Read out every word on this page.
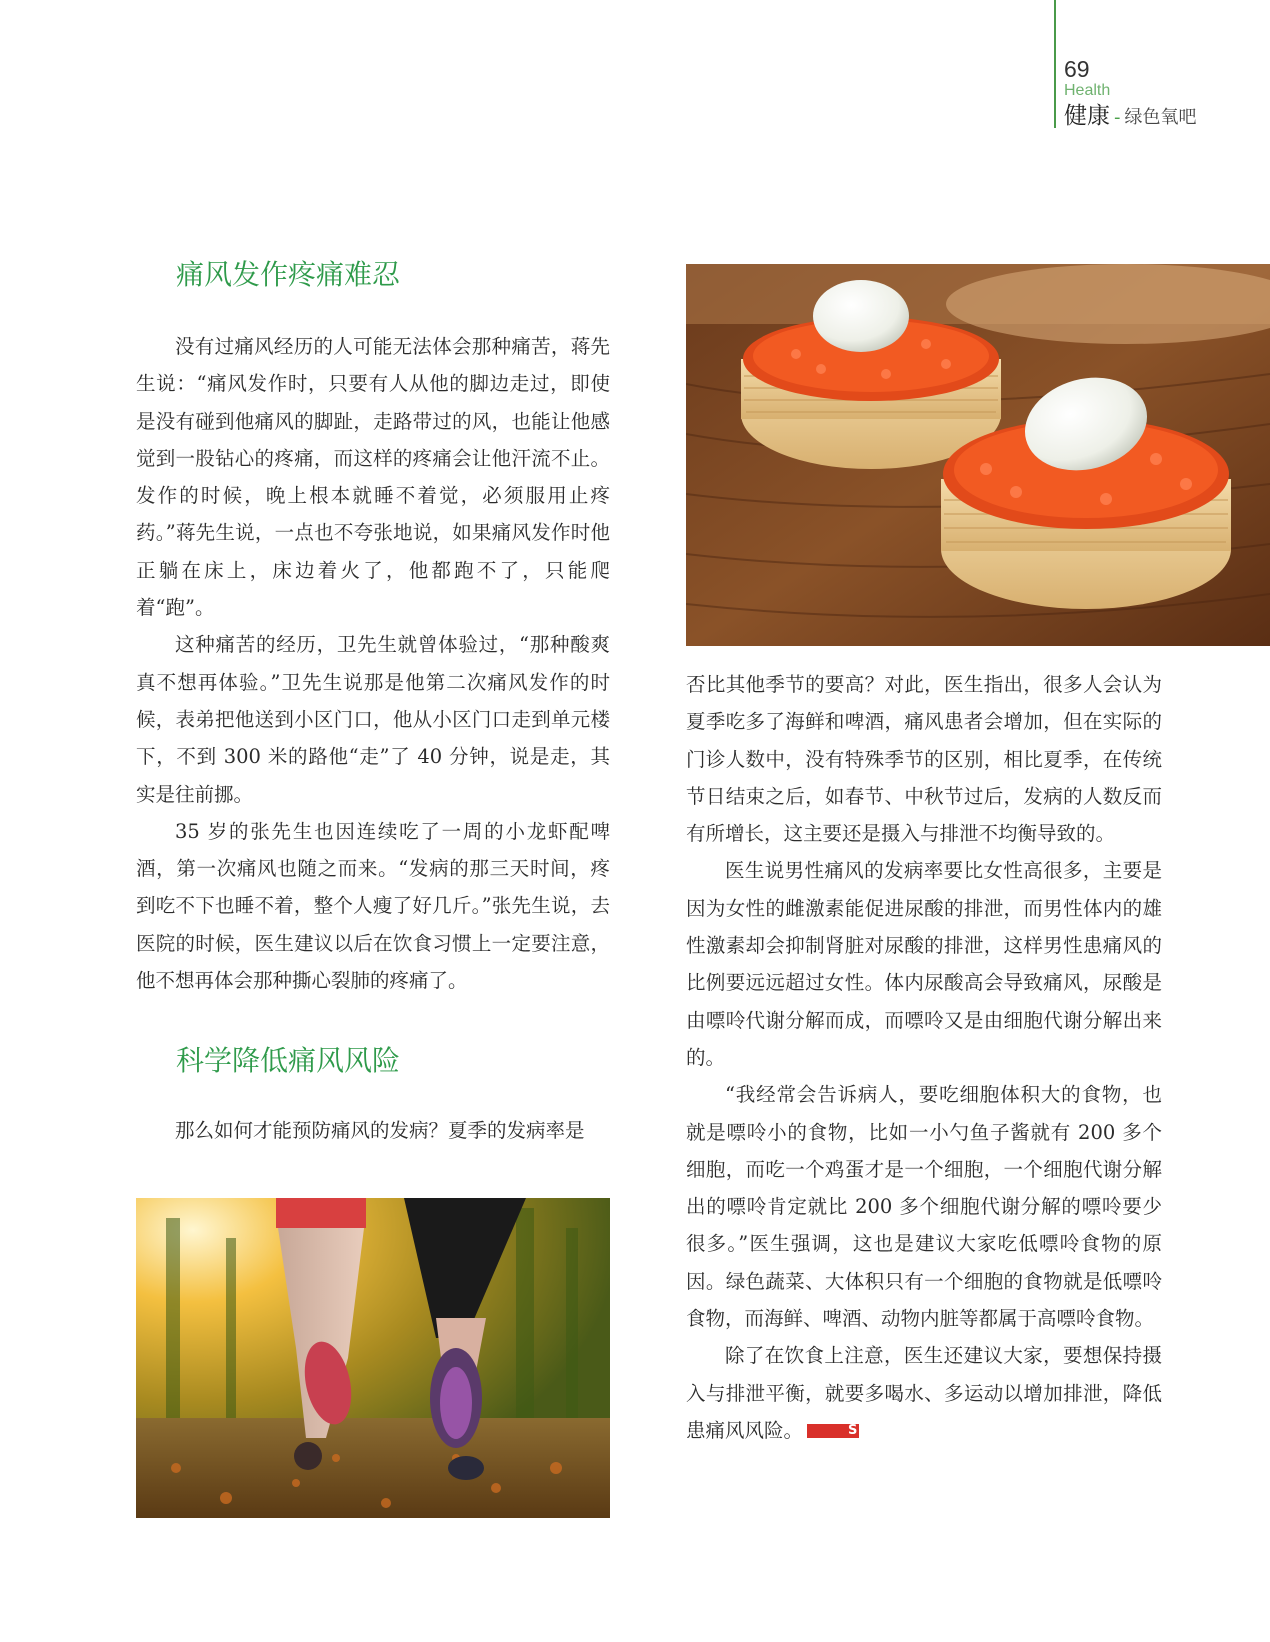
69
Health
健康 - 绿色氧吧
痛风发作疼痛难忍

没有过痛风经历的人可能无法体会那种痛苦，蒋先生说：“痛风发作时，只要有人从他的脚边走过，即使是没有碰到他痛风的脚趾，走路带过的风，也能让他感觉到一股钻心的疼痛，而这样的疼痛会让他汗流不止。发作的时候，晚上根本就睡不着觉，必须服用止疼药。”蒋先生说，一点也不夸张地说，如果痛风发作时他正躺在床上，床边着火了，他都跑不了，只能爬着“跑”。

这种痛苦的经历，卫先生就曾体验过，“那种酸爽真不想再体验。”卫先生说那是他第二次痛风发作的时候，表弟把他送到小区门口，他从小区门口走到单元楼下，不到 300 米的路他“走”了 40 分钟，说是走，其实是往前挪。

35 岁的张先生也因连续吃了一周的小龙虾配啤酒，第一次痛风也随之而来。“发病的那三天时间，疼到吃不下也睡不着，整个人瘦了好几斤。”张先生说，去医院的时候，医生建议以后在饮食习惯上一定要注意，他不想再体会那种撕心裂肺的疼痛了。

科学降低痛风风险

那么如何才能预防痛风的发病？夏季的发病率是

否比其他季节的要高？对此，医生指出，很多人会认为夏季吃多了海鲜和啤酒，痛风患者会增加，但在实际的门诊人数中，没有特殊季节的区别，相比夏季，在传统节日结束之后，如春节、中秋节过后，发病的人数反而有所增长，这主要还是摄入与排泄不均衡导致的。

医生说男性痛风的发病率要比女性高很多，主要是因为女性的雌激素能促进尿酸的排泄，而男性体内的雄性激素却会抑制肾脏对尿酸的排泄，这样男性患痛风的比例要远远超过女性。体内尿酸高会导致痛风，尿酸是由嘌呤代谢分解而成，而嘌呤又是由细胞代谢分解出来的。

“我经常会告诉病人，要吃细胞体积大的食物，也就是嘌呤小的食物，比如一小勺鱼子酱就有 200 多个细胞，而吃一个鸡蛋才是一个细胞，一个细胞代谢分解出的嘌呤肯定就比 200 多个细胞代谢分解的嘌呤要少很多。”医生强调，这也是建议大家吃低嘌呤食物的原因。绿色蔬菜、大体积只有一个细胞的食物就是低嘌呤食物，而海鲜、啤酒、动物内脏等都属于高嘌呤食物。

除了在饮食上注意，医生还建议大家，要想保持摄入与排泄平衡，就要多喝水、多运动以增加排泄，降低患痛风风险。	S
